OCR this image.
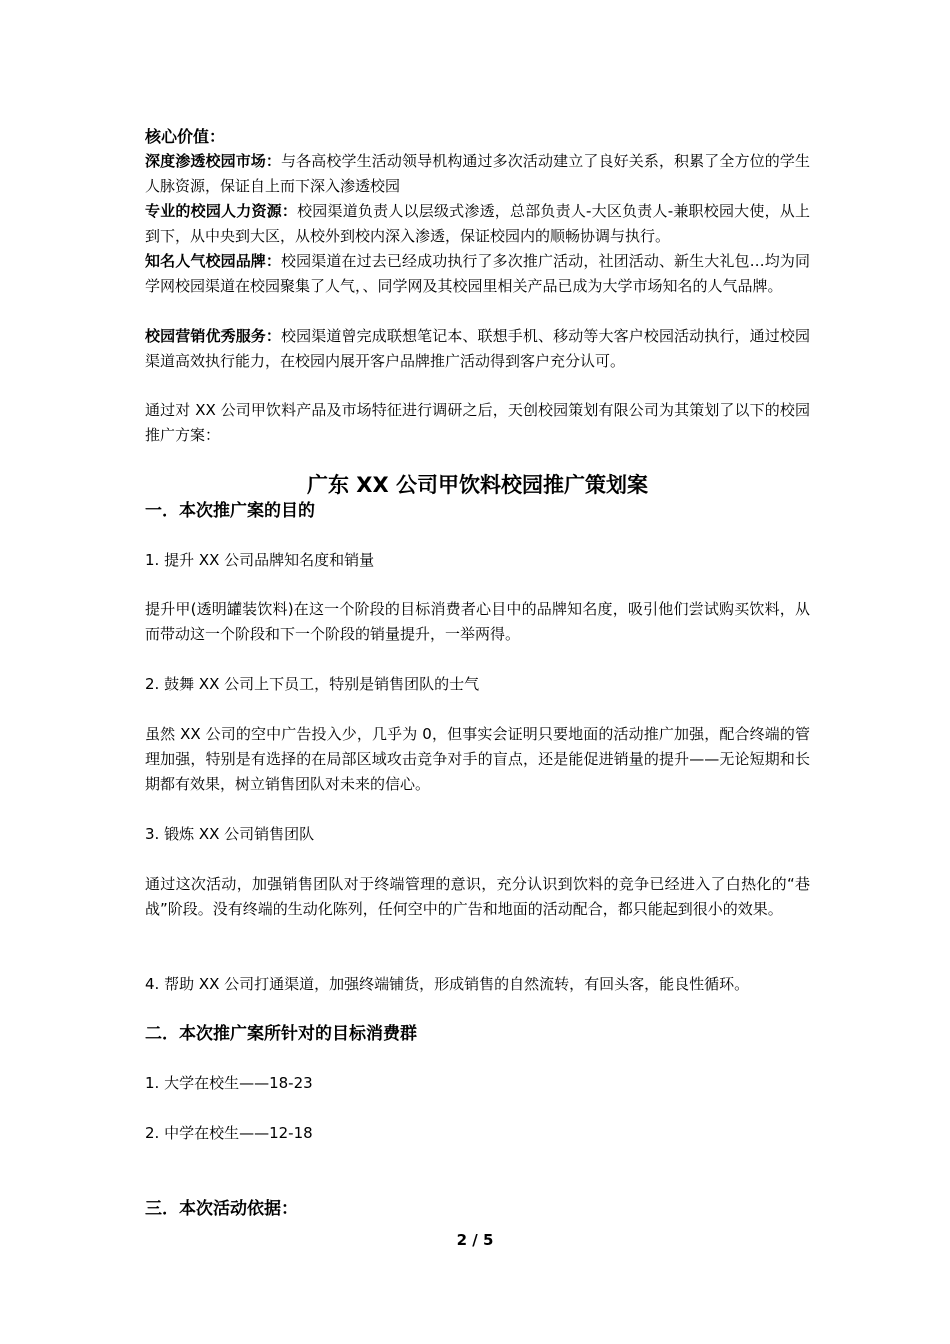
核心价值：

深度渗透校园市场：与各高校学生活动领导机构通过多次活动建立了良好关系，积累了全方位的学生人脉资源，保证自上而下深入渗透校园

专业的校园人力资源：校园渠道负责人以层级式渗透，总部负责人-大区负责人-兼职校园大使，从上到下，从中央到大区，从校外到校内深入渗透，保证校园内的顺畅协调与执行。

知名人气校园品牌：校园渠道在过去已经成功执行了多次推广活动，社团活动、新生大礼包…均为同学网校园渠道在校园聚集了人气，、同学网及其校园里相关产品已成为大学市场知名的人气品牌。

校园营销优秀服务：校园渠道曾完成联想笔记本、联想手机、移动等大客户校园活动执行，通过校园渠道高效执行能力，在校园内展开客户品牌推广活动得到客户充分认可。

通过对 XX 公司甲饮料产品及市场特征进行调研之后，天创校园策划有限公司为其策划了以下的校园推广方案：

广东 XX 公司甲饮料校园推广策划案
一．本次推广案的目的

1. 提升 XX 公司品牌知名度和销量

提升甲(透明罐装饮料)在这一个阶段的目标消费者心目中的品牌知名度，吸引他们尝试购买饮料，从而带动这一个阶段和下一个阶段的销量提升，一举两得。

2. 鼓舞 XX 公司上下员工，特别是销售团队的士气

虽然 XX 公司的空中广告投入少，几乎为 0，但事实会证明只要地面的活动推广加强，配合终端的管理加强，特别是有选择的在局部区域攻击竞争对手的盲点，还是能促进销量的提升——无论短期和长期都有效果，树立销售团队对未来的信心。

3. 锻炼 XX 公司销售团队

通过这次活动，加强销售团队对于终端管理的意识，充分认识到饮料的竞争已经进入了白热化的“巷战”阶段。没有终端的生动化陈列，任何空中的广告和地面的活动配合，都只能起到很小的效果。

4. 帮助 XX 公司打通渠道，加强终端铺货，形成销售的自然流转，有回头客，能良性循环。

二．本次推广案所针对的目标消费群

1. 大学在校生——18-23

2. 中学在校生——12-18

三．本次活动依据：
2 / 5
